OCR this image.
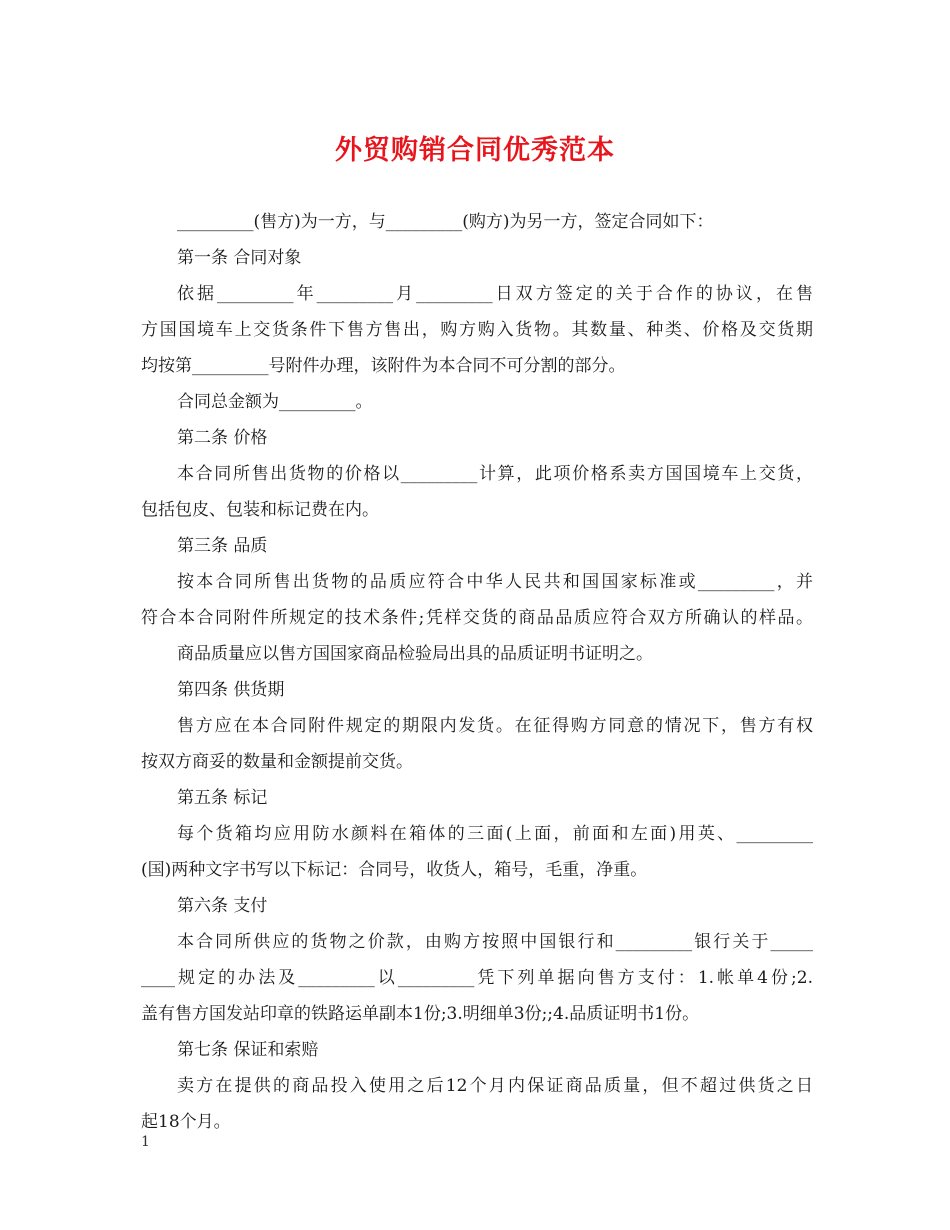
外贸购销合同优秀范本
_________(售方)为一方，与_________(购方)为另一方，签定合同如下：
第一条 合同对象
依据_________年_________月_________日双方签定的关于合作的协议，在售
方国国境车上交货条件下售方售出，购方购入货物。其数量、种类、价格及交货期
均按第_________号附件办理，该附件为本合同不可分割的部分。
合同总金额为_________。
第二条 价格
本合同所售出货物的价格以_________计算，此项价格系卖方国国境车上交货，
包括包皮、包装和标记费在内。
第三条 品质
按本合同所售出货物的品质应符合中华人民共和国国家标准或_________，并
符合本合同附件所规定的技术条件;凭样交货的商品品质应符合双方所确认的样品。
商品质量应以售方国国家商品检验局出具的品质证明书证明之。
第四条 供货期
售方应在本合同附件规定的期限内发货。在征得购方同意的情况下，售方有权
按双方商妥的数量和金额提前交货。
第五条 标记
每个货箱均应用防水颜料在箱体的三面(上面，前面和左面)用英、_________
(国)两种文字书写以下标记：合同号，收货人，箱号，毛重，净重。
第六条 支付
本合同所供应的货物之价款，由购方按照中国银行和_________银行关于_____
____规定的办法及_________以_________凭下列单据向售方支付：1.帐单4份;2.
盖有售方国发站印章的铁路运单副本1份;3.明细单3份;;4.品质证明书1份。
第七条 保证和索赔
卖方在提供的商品投入使用之后12个月内保证商品质量，但不超过供货之日
起18个月。
1
